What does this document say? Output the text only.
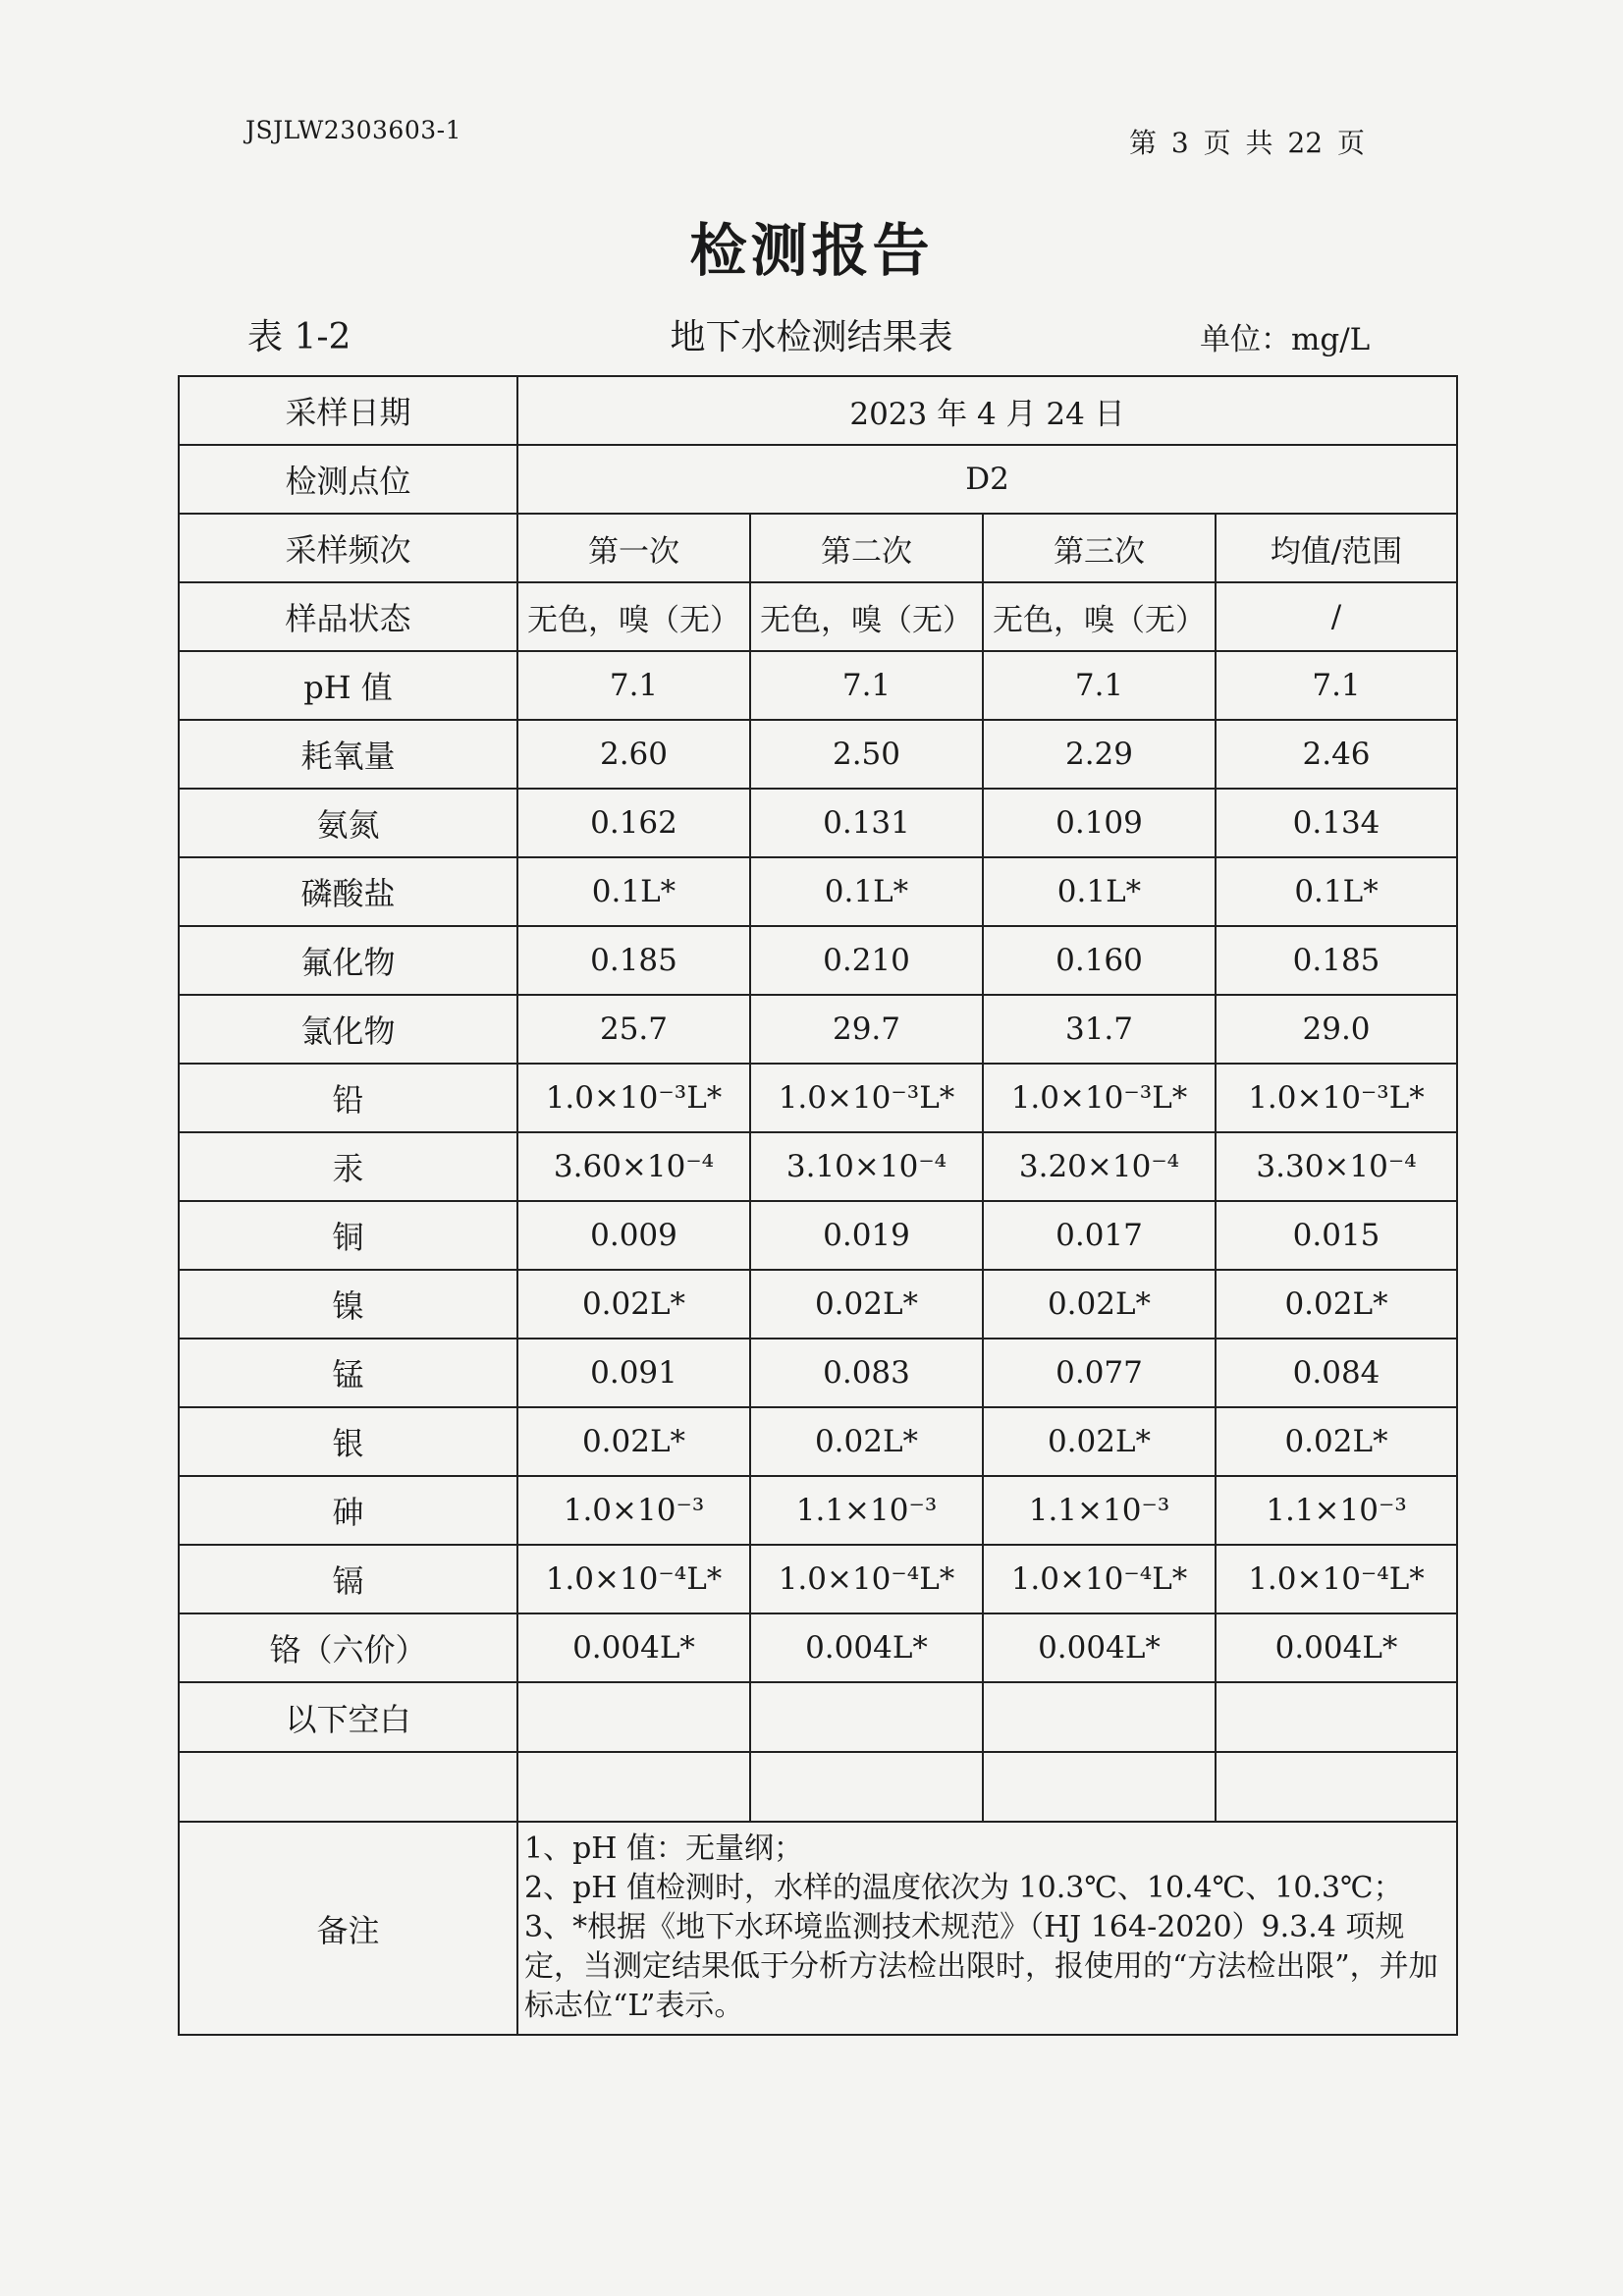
JSJLW2303603-1	第 3 页 共 22 页
检测报告
表 1-2	地下水检测结果表	单位：mg/L
采样日期	2023 年 4 月 24 日			
检测点位	D2			
采样频次	第一次	第二次	第三次	均值/范围
样品状态	无色，嗅（无）	无色，嗅（无）	无色，嗅（无）	/
pH 值	7.1	7.1	7.1	7.1
耗氧量	2.60	2.50	2.29	2.46
氨氮	0.162	0.131	0.109	0.134
磷酸盐	0.1L*	0.1L*	0.1L*	0.1L*
氟化物	0.185	0.210	0.160	0.185
氯化物	25.7	29.7	31.7	29.0
铅	1.0×10⁻³L*	1.0×10⁻³L*	1.0×10⁻³L*	1.0×10⁻³L*
汞	3.60×10⁻⁴	3.10×10⁻⁴	3.20×10⁻⁴	3.30×10⁻⁴
铜	0.009	0.019	0.017	0.015
镍	0.02L*	0.02L*	0.02L*	0.02L*
锰	0.091	0.083	0.077	0.084
银	0.02L*	0.02L*	0.02L*	0.02L*
砷	1.0×10⁻³	1.1×10⁻³	1.1×10⁻³	1.1×10⁻³
镉	1.0×10⁻⁴L*	1.0×10⁻⁴L*	1.0×10⁻⁴L*	1.0×10⁻⁴L*
铬（六价）	0.004L*	0.004L*	0.004L*	0.004L*
以下空白				

备注	1、pH 值：无量纲；
2、pH 值检测时，水样的温度依次为 10.3℃、10.4℃、10.3℃；
3、*根据《地下水环境监测技术规范》（HJ 164-2020）9.3.4 项规定，当测定结果低于分析方法检出限时，报使用的“方法检出限”，并加标志位“L”表示。			
